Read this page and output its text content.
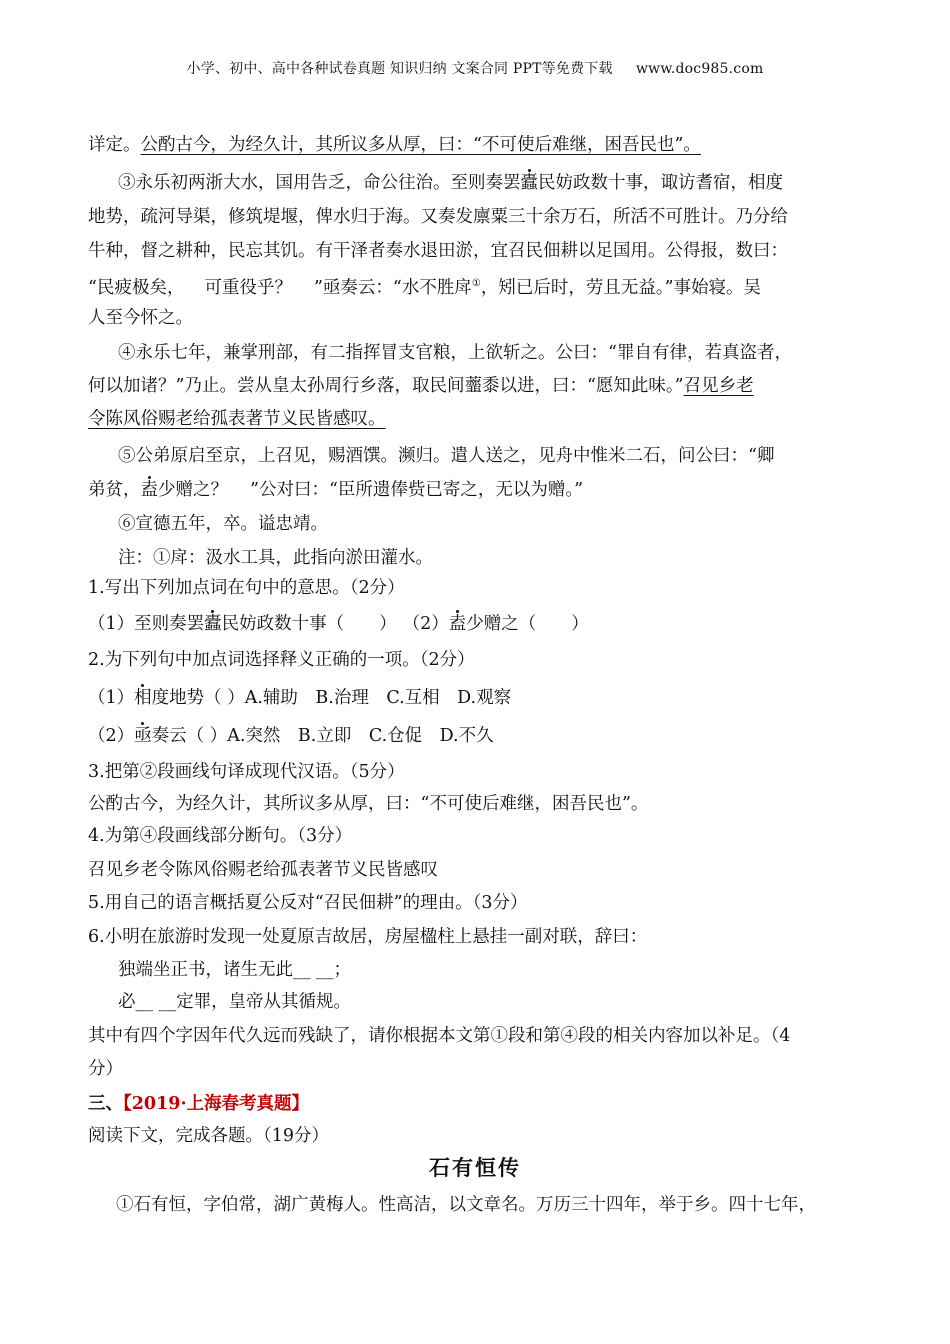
小学、初中、高中各种试卷真题 知识归纳 文案合同 PPT等免费下载 www.doc985.com
详定。公酌古今，为经久计，其所议多从厚，曰：“不可使后难继，困吾民也”。
③永乐初两浙大水，国用告乏，命公往治。至则奏罢蠹民妨政数十事，诹访耆宿，相度
地势，疏河导渠，修筑堤堰，俾水归于海。又奏发廪粟三十余万石，所活不可胜计。乃分给
牛种，督之耕种，民忘其饥。有干泽者奏水退田淤，宜召民佃耕以足国用。公得报，数曰：
“民疲极矣， 可重役乎？ ”亟奏云：“水不胜戽①，矧已后时，劳且无益。”事始寝。吴
人至今怀之。
④永乐七年，兼掌刑部，有二指挥冒支官粮，上欲斩之。公曰：“罪自有律，若真盗者，
何以加诸？”乃止。尝从皇太孙周行乡落，取民间虀黍以进，曰：“愿知此味。”召见乡老
令陈风俗赐老给孤表著节义民皆感叹。
⑤公弟原启至京，上召见，赐酒馔。濒归。遣人送之，见舟中惟米二石，问公曰：“卿
弟贫，盍少赠之？ ”公对曰：“臣所遗俸赀已寄之，无以为赠。”
⑥宣德五年，卒。谥忠靖。
注：①戽：汲水工具，此指向淤田灌水。
1.写出下列加点词在句中的意思。（2分）
（1）至则奏罢蠹民妨政数十事（　　） （2）盍少赠之（　　）
2.为下列句中加点词选择释义正确的一项。（2分）
（1）相度地势（ ）A.辅助　B.治理　C.互相　D.观察
（2）亟奏云（ ）A.突然　B.立即　C.仓促　D.不久
3.把第②段画线句译成现代汉语。（5分）
公酌古今，为经久计，其所议多从厚，曰：“不可使后难继，困吾民也”。
4.为第④段画线部分断句。（3分）
召见乡老令陈风俗赐老给孤表著节义民皆感叹
5.用自己的语言概括夏公反对“召民佃耕”的理由。（3分）
6.小明在旅游时发现一处夏原吉故居，房屋楹柱上悬挂一副对联，辞曰：
独端坐正书，诸生无此__ __；
必__ __定罪，皇帝从其循规。
其中有四个字因年代久远而残缺了，请你根据本文第①段和第④段的相关内容加以补足。（4
分）
三、【2019·上海春考真题】
阅读下文，完成各题。（19分）
①石有恒，字伯常，湖广黄梅人。性高洁，以文章名。万历三十四年，举于乡。四十七年，
石有恒传
